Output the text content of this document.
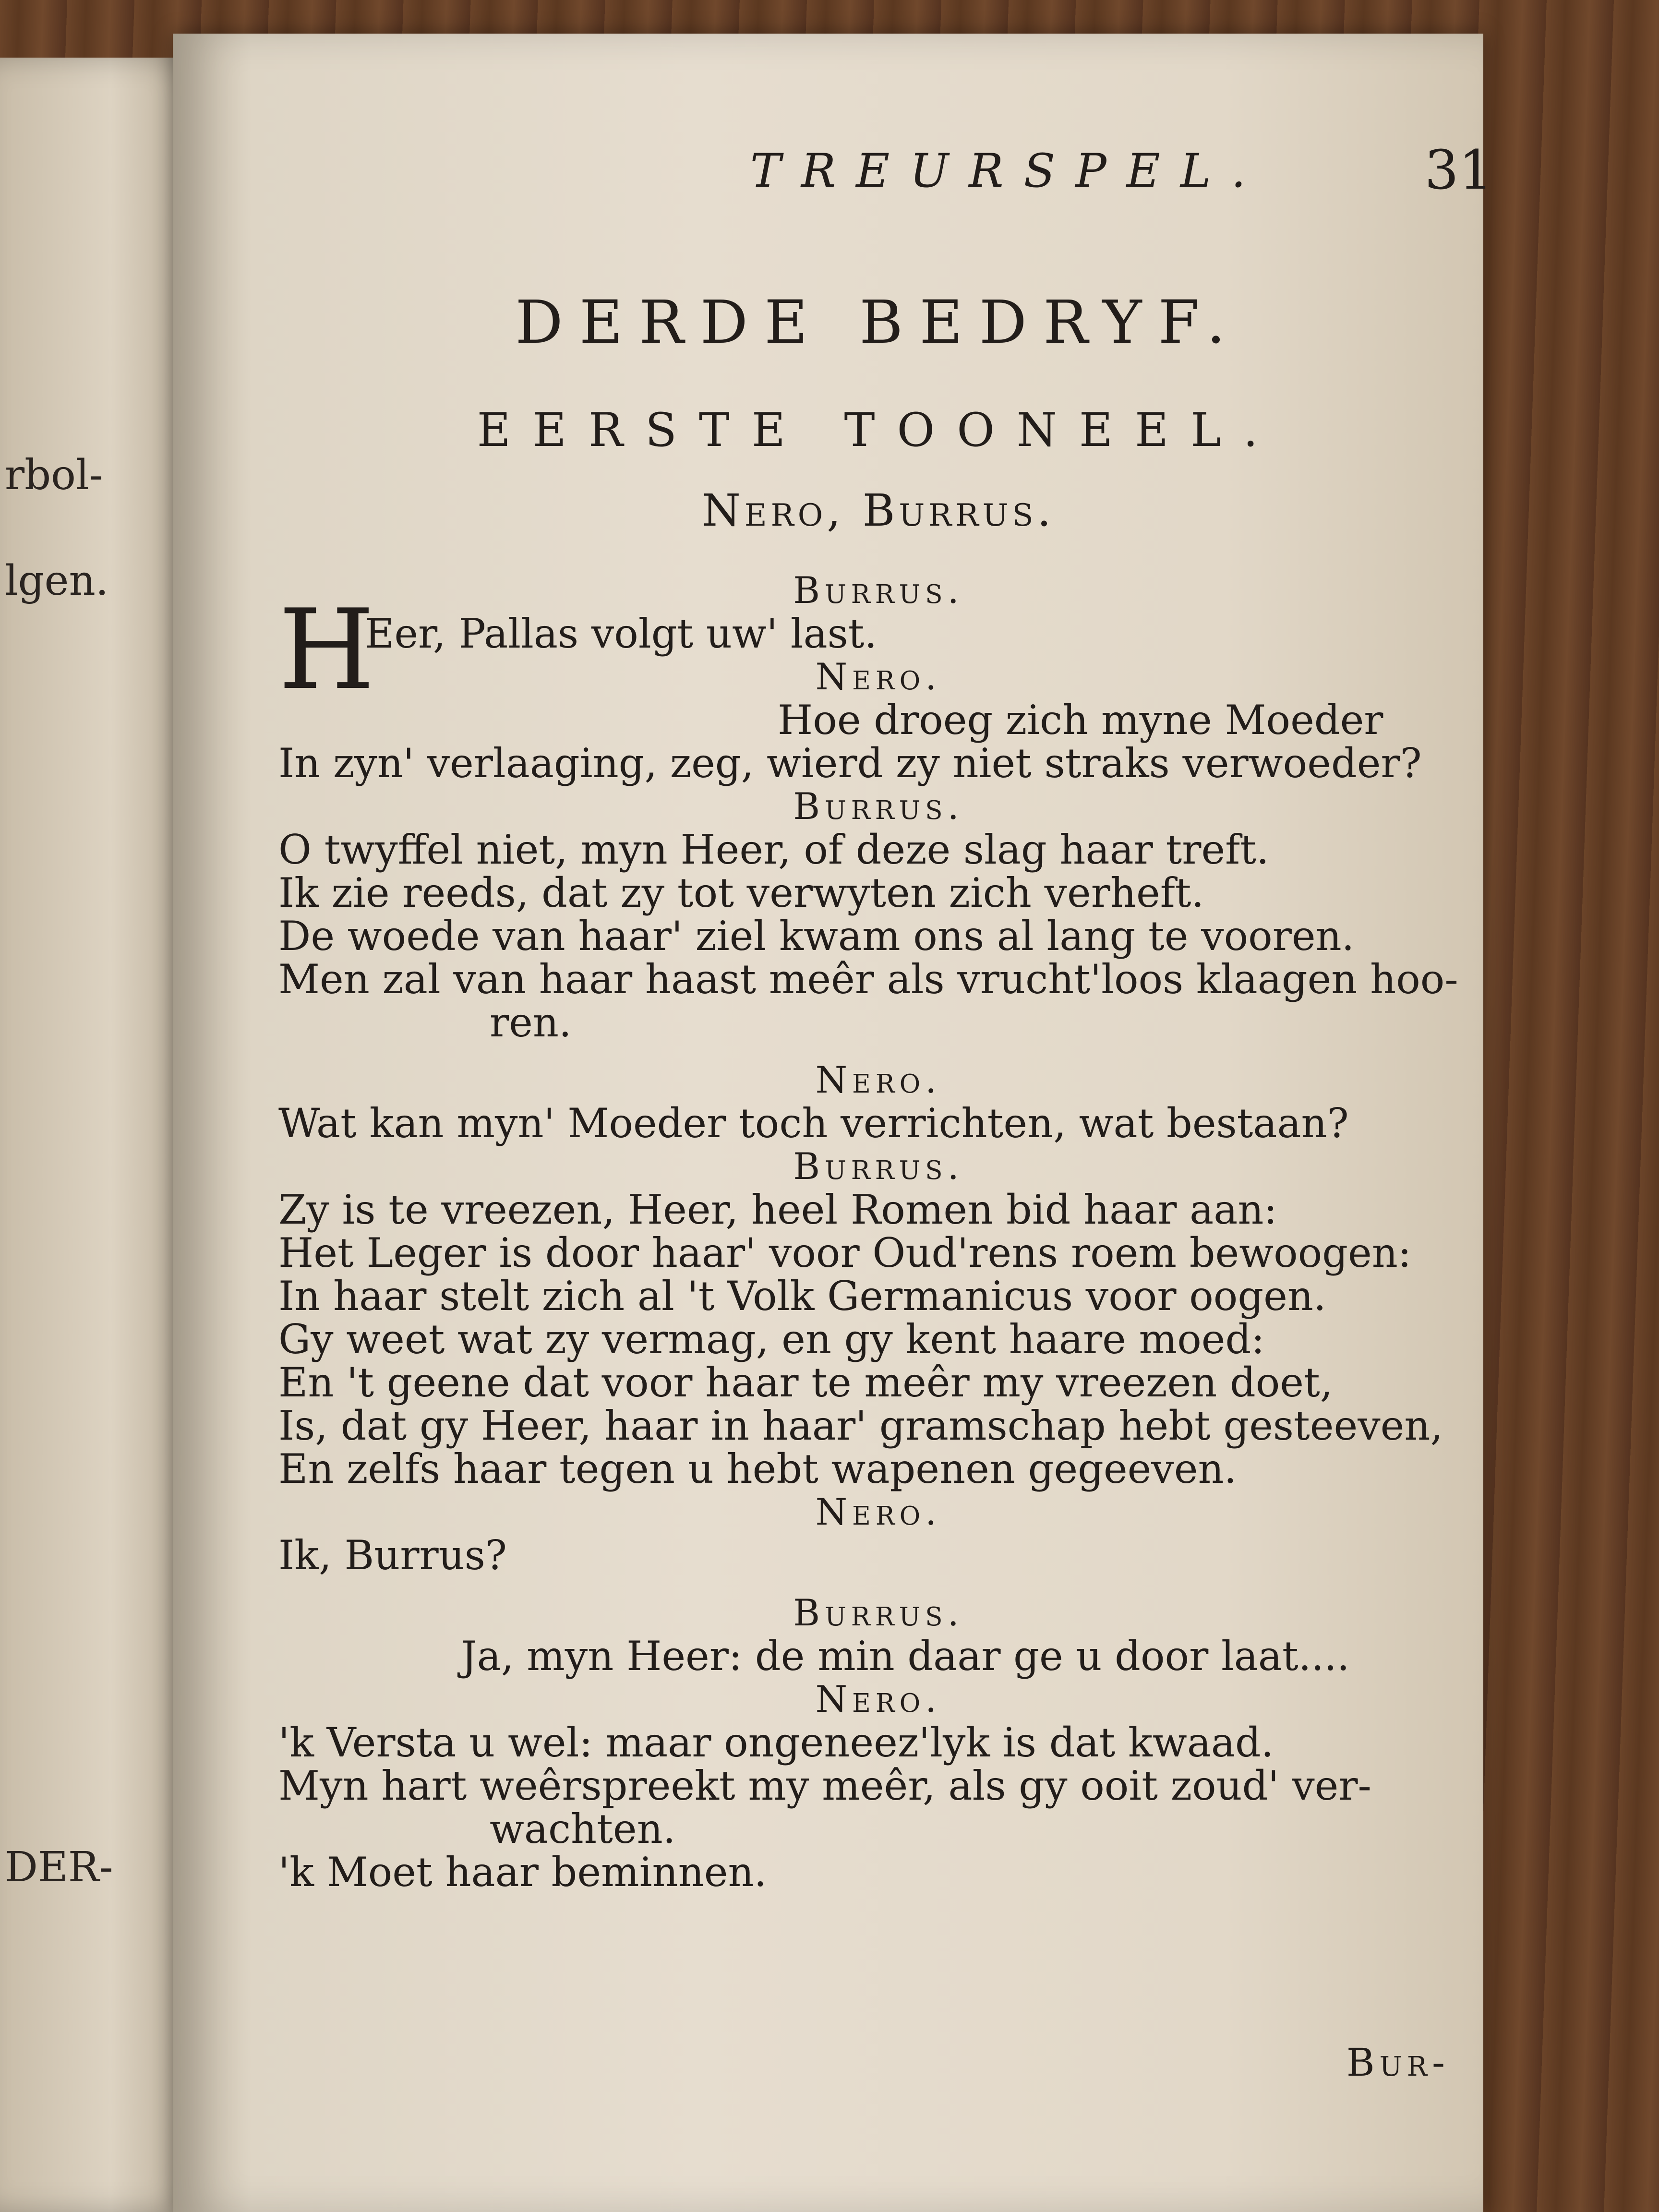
rbol-
lgen.
DER-
TREURSPEL.	31
DERDE BEDRYF.
EERSTE TOONEEL.
Nero, Burrus.
Burrus.
H
Eer, Pallas volgt uw' last.
Nero.
Hoe droeg zich myne Moeder
In zyn' verlaaging, zeg, wierd zy niet straks verwoeder?
Burrus.
O twyffel niet, myn Heer, of deze slag haar treft.
Ik zie reeds, dat zy tot verwyten zich verheft.
De woede van haar' ziel kwam ons al lang te vooren.
Men zal van haar haast meêr als vrucht'loos klaagen hoo-
ren.
Nero.
Wat kan myn' Moeder toch verrichten, wat bestaan?
Burrus.
Zy is te vreezen, Heer, heel Romen bid haar aan:
Het Leger is door haar' voor Oud'rens roem bewoogen:
In haar stelt zich al 't Volk Germanicus voor oogen.
Gy weet wat zy vermag, en gy kent haare moed:
En 't geene dat voor haar te meêr my vreezen doet,
Is, dat gy Heer, haar in haar' gramschap hebt gesteeven,
En zelfs haar tegen u hebt wapenen gegeeven.
Nero.
Ik, Burrus?
Burrus.
Ja, myn Heer: de min daar ge u door laat....
Nero.
'k Versta u wel: maar ongeneez'lyk is dat kwaad.
Myn hart weêrspreekt my meêr, als gy ooit zoud' ver-
wachten.
'k Moet haar beminnen.
Bur-
